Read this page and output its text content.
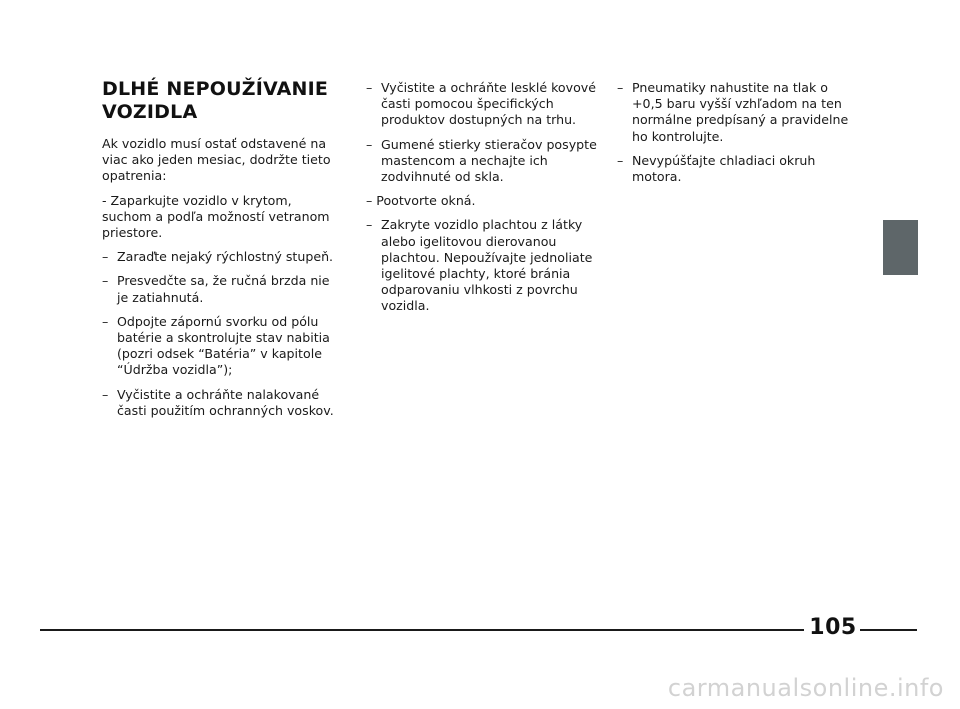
DLHÉ NEPOUŽÍVANIE
VOZIDLA
Ak vozidlo musí ostať odstavené na viac ako jeden mesiac, dodržte tieto opatrenia:
- Zaparkujte vozidlo v krytom, suchom a podľa možností vetranom priestore.
– Zaraďte nejaký rýchlostný stupeň.
– Presvedčte sa, že ručná brzda nie je zatiahnutá.
– Odpojte zápornú svorku od pólu batérie a skontrolujte stav nabitia (pozri odsek “Batéria” v kapitole “Údržba vozidla”);
– Vyčistite a ochráňte nalakované časti použitím ochranných voskov.
– Vyčistite a ochráňte lesklé kovové časti pomocou špecifických produktov dostupných na trhu.
– Gumené stierky stieračov posypte mastencom a nechajte ich zodvihnuté od skla.
– Pootvorte okná.
– Zakryte vozidlo plachtou z látky alebo igelitovou dierovanou plachtou. Nepoužívajte jednoliate igelitové plachty, ktoré bránia odparovaniu vlhkosti z povrchu vozidla.
– Pneumatiky nahustite na tlak o +0,5 baru vyšší vzhľadom na ten normálne predpísaný a pravidelne ho kontrolujte.
– Nevypúšťajte chladiaci okruh motora.
105
carmanualsonline.info
